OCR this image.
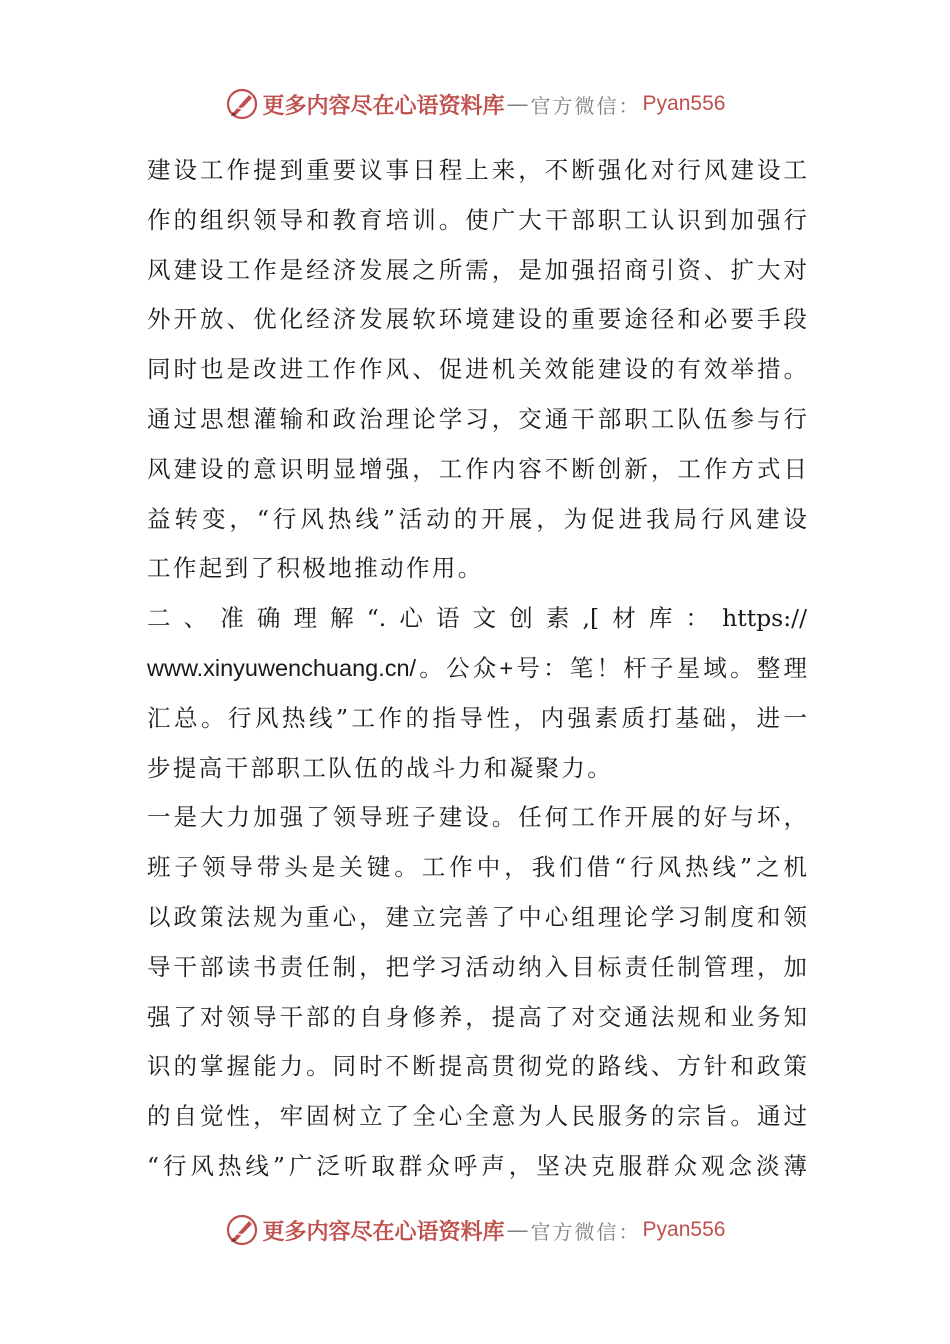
更多内容尽在心语资料库 — 官方微信： Pyan556
建设工作提到重要议事日程上来，不断强化对行风建设工
作的组织领导和教育培训。使广大干部职工认识到加强行
风建设工作是经济发展之所需，是加强招商引资、扩大对
外开放、优化经济发展软环境建设的重要途径和必要手段
同时也是改进工作作风、促进机关效能建设的有效举措。
通过思想灌输和政治理论学习，交通干部职工队伍参与行
风建设的意识明显增强，工作内容不断创新，工作方式日
益转变，“行风热线”活动的开展，为促进我局行风建设
工作起到了积极地推动作用。
二、准确理解“.心语文创素,[材库：https://
www.xinyuwenchuang.cn/。公众+号：笔！杆子星域。整理
汇总。行风热线”工作的指导性，内强素质打基础，进一
步提高干部职工队伍的战斗力和凝聚力。
一是大力加强了领导班子建设。任何工作开展的好与坏，
班子领导带头是关键。工作中，我们借“行风热线”之机
以政策法规为重心，建立完善了中心组理论学习制度和领
导干部读书责任制，把学习活动纳入目标责任制管理，加
强了对领导干部的自身修养，提高了对交通法规和业务知
识的掌握能力。同时不断提高贯彻党的路线、方针和政策
的自觉性，牢固树立了全心全意为人民服务的宗旨。通过
“行风热线”广泛听取群众呼声，坚决克服群众观念淡薄
更多内容尽在心语资料库 — 官方微信： Pyan556
